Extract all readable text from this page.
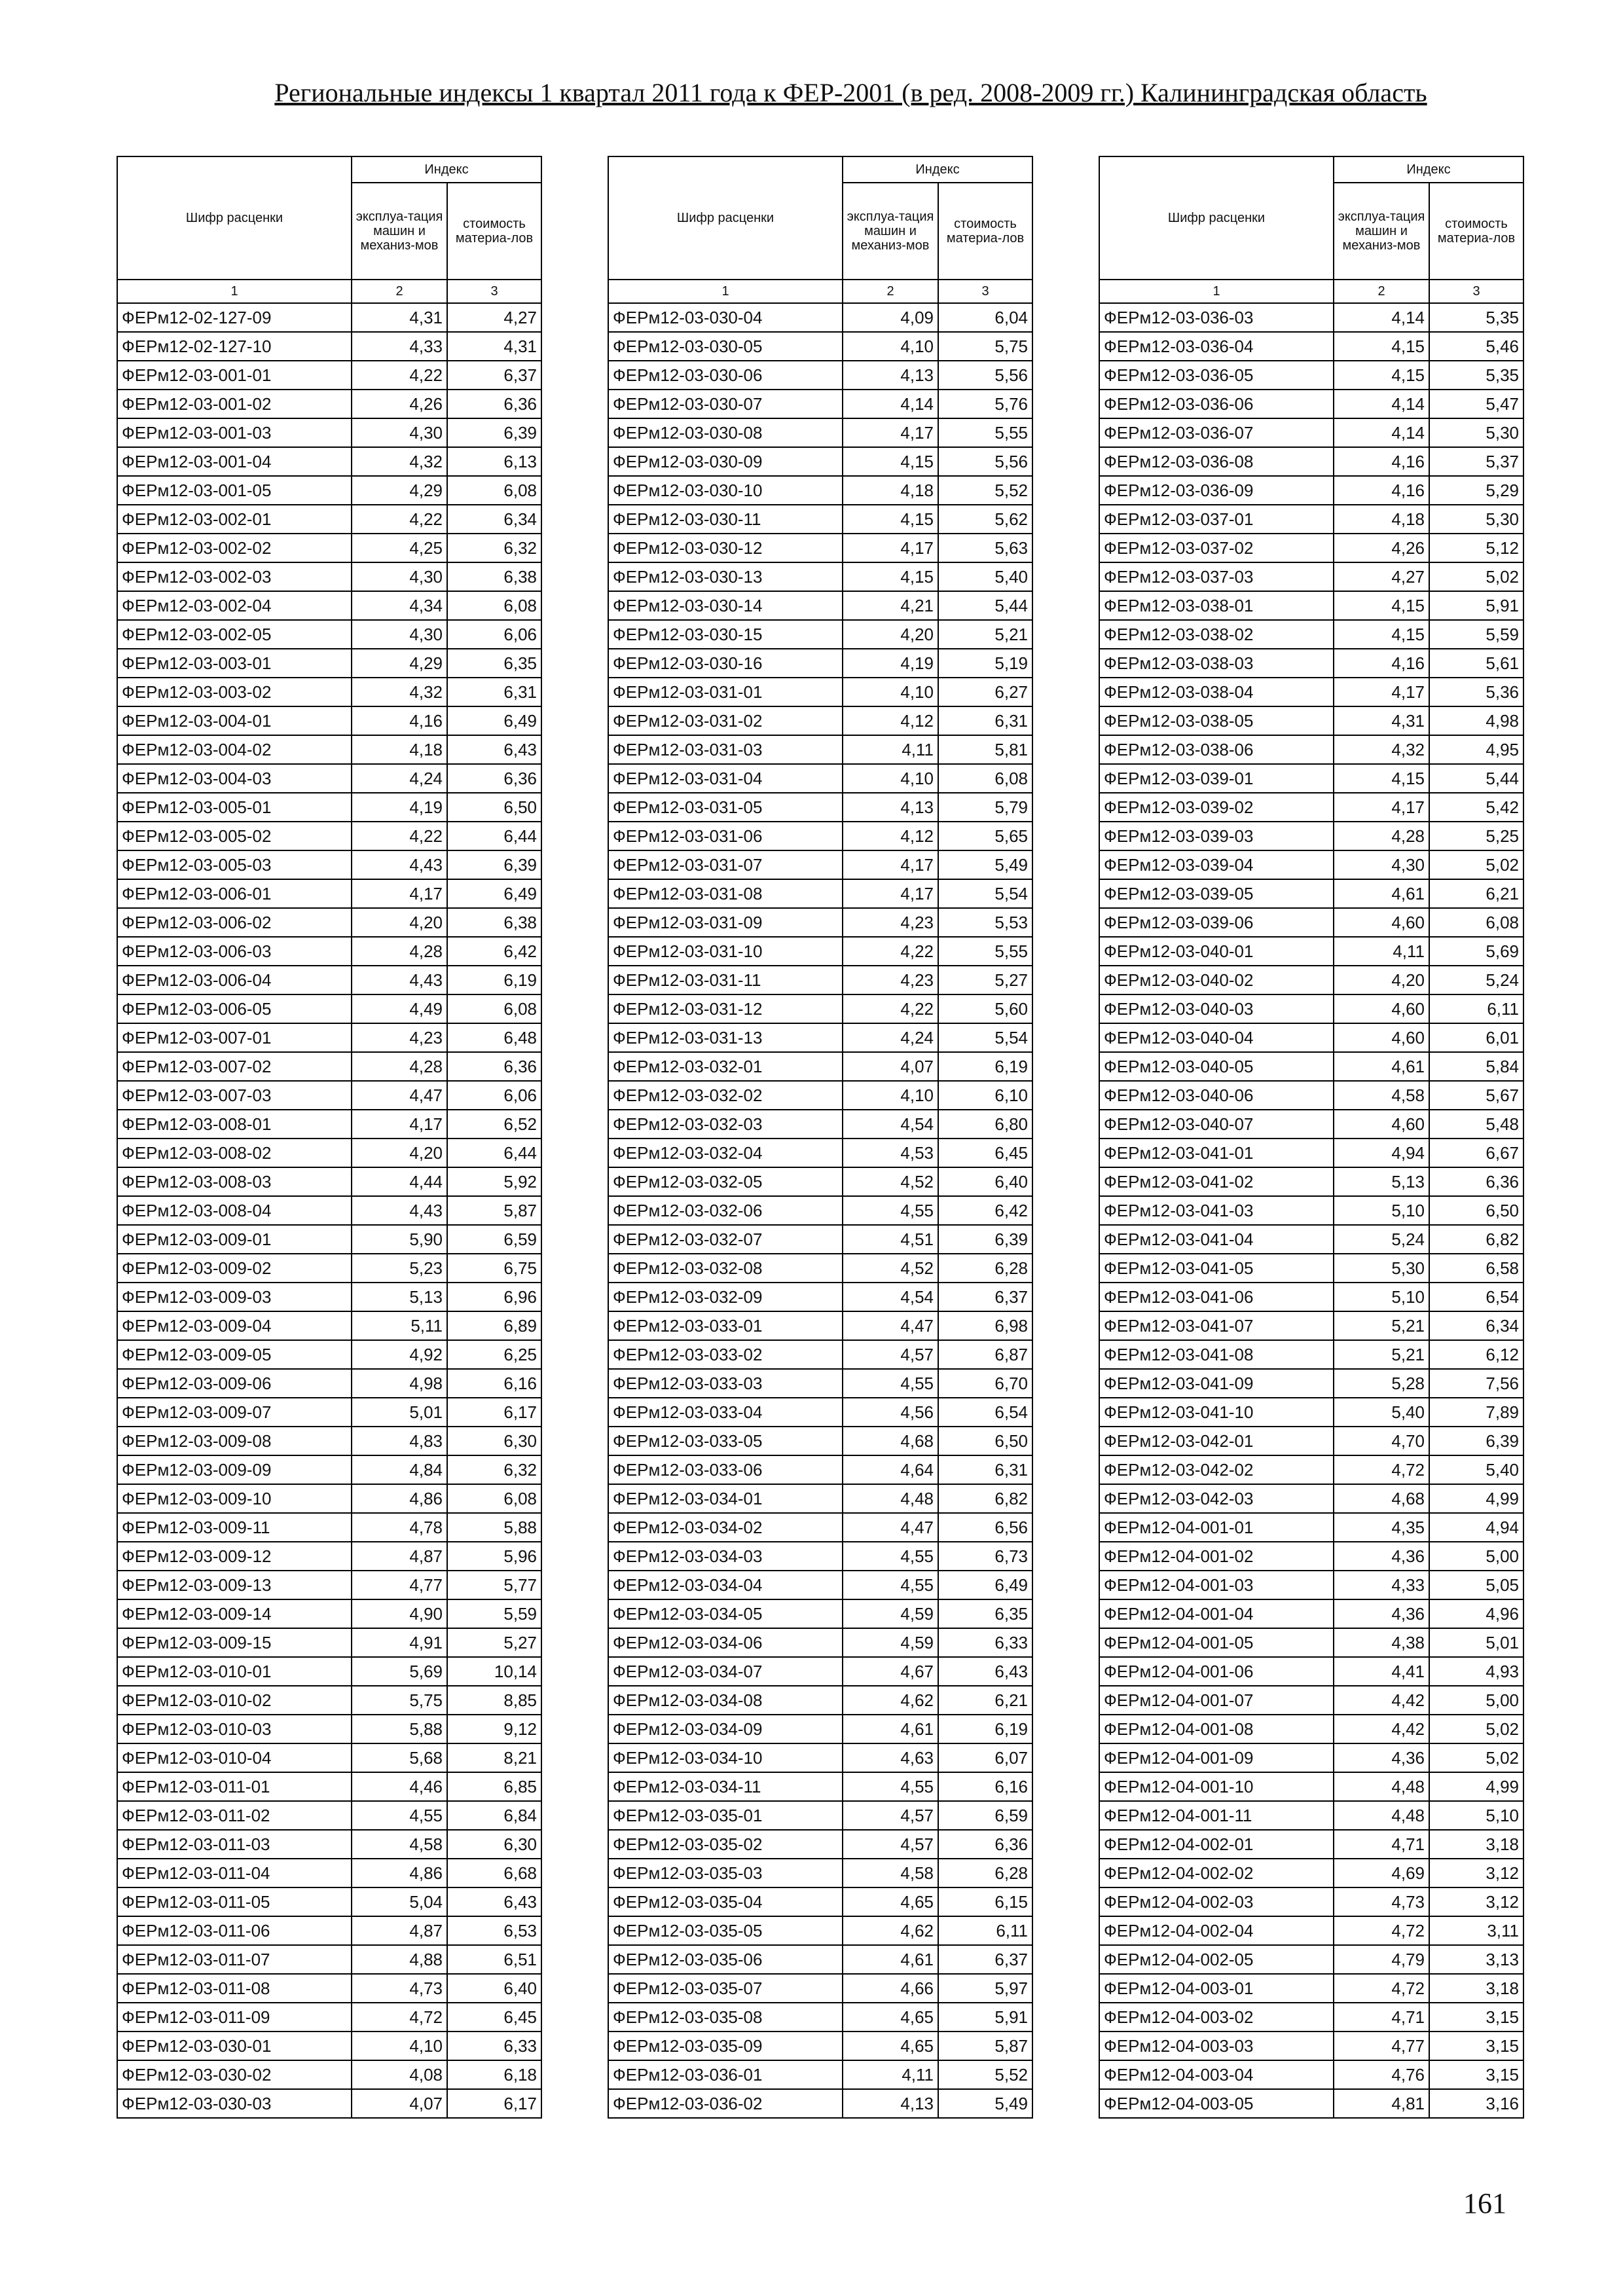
Региональные индексы 1 квартал 2011 года к ФЕР-2001 (в ред. 2008-2009 гг.) Калининградская область
Шифр расценки	Индекс	
	эксплуа-тация машин и механиз-мов	стоимость материа-лов
1	2	3
ФЕРм12-02-127-09	4,31	4,27
ФЕРм12-02-127-10	4,33	4,31
ФЕРм12-03-001-01	4,22	6,37
ФЕРм12-03-001-02	4,26	6,36
ФЕРм12-03-001-03	4,30	6,39
ФЕРм12-03-001-04	4,32	6,13
ФЕРм12-03-001-05	4,29	6,08
ФЕРм12-03-002-01	4,22	6,34
ФЕРм12-03-002-02	4,25	6,32
ФЕРм12-03-002-03	4,30	6,38
ФЕРм12-03-002-04	4,34	6,08
ФЕРм12-03-002-05	4,30	6,06
ФЕРм12-03-003-01	4,29	6,35
ФЕРм12-03-003-02	4,32	6,31
ФЕРм12-03-004-01	4,16	6,49
ФЕРм12-03-004-02	4,18	6,43
ФЕРм12-03-004-03	4,24	6,36
ФЕРм12-03-005-01	4,19	6,50
ФЕРм12-03-005-02	4,22	6,44
ФЕРм12-03-005-03	4,43	6,39
ФЕРм12-03-006-01	4,17	6,49
ФЕРм12-03-006-02	4,20	6,38
ФЕРм12-03-006-03	4,28	6,42
ФЕРм12-03-006-04	4,43	6,19
ФЕРм12-03-006-05	4,49	6,08
ФЕРм12-03-007-01	4,23	6,48
ФЕРм12-03-007-02	4,28	6,36
ФЕРм12-03-007-03	4,47	6,06
ФЕРм12-03-008-01	4,17	6,52
ФЕРм12-03-008-02	4,20	6,44
ФЕРм12-03-008-03	4,44	5,92
ФЕРм12-03-008-04	4,43	5,87
ФЕРм12-03-009-01	5,90	6,59
ФЕРм12-03-009-02	5,23	6,75
ФЕРм12-03-009-03	5,13	6,96
ФЕРм12-03-009-04	5,11	6,89
ФЕРм12-03-009-05	4,92	6,25
ФЕРм12-03-009-06	4,98	6,16
ФЕРм12-03-009-07	5,01	6,17
ФЕРм12-03-009-08	4,83	6,30
ФЕРм12-03-009-09	4,84	6,32
ФЕРм12-03-009-10	4,86	6,08
ФЕРм12-03-009-11	4,78	5,88
ФЕРм12-03-009-12	4,87	5,96
ФЕРм12-03-009-13	4,77	5,77
ФЕРм12-03-009-14	4,90	5,59
ФЕРм12-03-009-15	4,91	5,27
ФЕРм12-03-010-01	5,69	10,14
ФЕРм12-03-010-02	5,75	8,85
ФЕРм12-03-010-03	5,88	9,12
ФЕРм12-03-010-04	5,68	8,21
ФЕРм12-03-011-01	4,46	6,85
ФЕРм12-03-011-02	4,55	6,84
ФЕРм12-03-011-03	4,58	6,30
ФЕРм12-03-011-04	4,86	6,68
ФЕРм12-03-011-05	5,04	6,43
ФЕРм12-03-011-06	4,87	6,53
ФЕРм12-03-011-07	4,88	6,51
ФЕРм12-03-011-08	4,73	6,40
ФЕРм12-03-011-09	4,72	6,45
ФЕРм12-03-030-01	4,10	6,33
ФЕРм12-03-030-02	4,08	6,18
ФЕРм12-03-030-03	4,07	6,17
Шифр расценки	Индекс	
	эксплуа-тация машин и механиз-мов	стоимость материа-лов
1	2	3
ФЕРм12-03-030-04	4,09	6,04
ФЕРм12-03-030-05	4,10	5,75
ФЕРм12-03-030-06	4,13	5,56
ФЕРм12-03-030-07	4,14	5,76
ФЕРм12-03-030-08	4,17	5,55
ФЕРм12-03-030-09	4,15	5,56
ФЕРм12-03-030-10	4,18	5,52
ФЕРм12-03-030-11	4,15	5,62
ФЕРм12-03-030-12	4,17	5,63
ФЕРм12-03-030-13	4,15	5,40
ФЕРм12-03-030-14	4,21	5,44
ФЕРм12-03-030-15	4,20	5,21
ФЕРм12-03-030-16	4,19	5,19
ФЕРм12-03-031-01	4,10	6,27
ФЕРм12-03-031-02	4,12	6,31
ФЕРм12-03-031-03	4,11	5,81
ФЕРм12-03-031-04	4,10	6,08
ФЕРм12-03-031-05	4,13	5,79
ФЕРм12-03-031-06	4,12	5,65
ФЕРм12-03-031-07	4,17	5,49
ФЕРм12-03-031-08	4,17	5,54
ФЕРм12-03-031-09	4,23	5,53
ФЕРм12-03-031-10	4,22	5,55
ФЕРм12-03-031-11	4,23	5,27
ФЕРм12-03-031-12	4,22	5,60
ФЕРм12-03-031-13	4,24	5,54
ФЕРм12-03-032-01	4,07	6,19
ФЕРм12-03-032-02	4,10	6,10
ФЕРм12-03-032-03	4,54	6,80
ФЕРм12-03-032-04	4,53	6,45
ФЕРм12-03-032-05	4,52	6,40
ФЕРм12-03-032-06	4,55	6,42
ФЕРм12-03-032-07	4,51	6,39
ФЕРм12-03-032-08	4,52	6,28
ФЕРм12-03-032-09	4,54	6,37
ФЕРм12-03-033-01	4,47	6,98
ФЕРм12-03-033-02	4,57	6,87
ФЕРм12-03-033-03	4,55	6,70
ФЕРм12-03-033-04	4,56	6,54
ФЕРм12-03-033-05	4,68	6,50
ФЕРм12-03-033-06	4,64	6,31
ФЕРм12-03-034-01	4,48	6,82
ФЕРм12-03-034-02	4,47	6,56
ФЕРм12-03-034-03	4,55	6,73
ФЕРм12-03-034-04	4,55	6,49
ФЕРм12-03-034-05	4,59	6,35
ФЕРм12-03-034-06	4,59	6,33
ФЕРм12-03-034-07	4,67	6,43
ФЕРм12-03-034-08	4,62	6,21
ФЕРм12-03-034-09	4,61	6,19
ФЕРм12-03-034-10	4,63	6,07
ФЕРм12-03-034-11	4,55	6,16
ФЕРм12-03-035-01	4,57	6,59
ФЕРм12-03-035-02	4,57	6,36
ФЕРм12-03-035-03	4,58	6,28
ФЕРм12-03-035-04	4,65	6,15
ФЕРм12-03-035-05	4,62	6,11
ФЕРм12-03-035-06	4,61	6,37
ФЕРм12-03-035-07	4,66	5,97
ФЕРм12-03-035-08	4,65	5,91
ФЕРм12-03-035-09	4,65	5,87
ФЕРм12-03-036-01	4,11	5,52
ФЕРм12-03-036-02	4,13	5,49
Шифр расценки	Индекс	
	эксплуа-тация машин и механиз-мов	стоимость материа-лов
1	2	3
ФЕРм12-03-036-03	4,14	5,35
ФЕРм12-03-036-04	4,15	5,46
ФЕРм12-03-036-05	4,15	5,35
ФЕРм12-03-036-06	4,14	5,47
ФЕРм12-03-036-07	4,14	5,30
ФЕРм12-03-036-08	4,16	5,37
ФЕРм12-03-036-09	4,16	5,29
ФЕРм12-03-037-01	4,18	5,30
ФЕРм12-03-037-02	4,26	5,12
ФЕРм12-03-037-03	4,27	5,02
ФЕРм12-03-038-01	4,15	5,91
ФЕРм12-03-038-02	4,15	5,59
ФЕРм12-03-038-03	4,16	5,61
ФЕРм12-03-038-04	4,17	5,36
ФЕРм12-03-038-05	4,31	4,98
ФЕРм12-03-038-06	4,32	4,95
ФЕРм12-03-039-01	4,15	5,44
ФЕРм12-03-039-02	4,17	5,42
ФЕРм12-03-039-03	4,28	5,25
ФЕРм12-03-039-04	4,30	5,02
ФЕРм12-03-039-05	4,61	6,21
ФЕРм12-03-039-06	4,60	6,08
ФЕРм12-03-040-01	4,11	5,69
ФЕРм12-03-040-02	4,20	5,24
ФЕРм12-03-040-03	4,60	6,11
ФЕРм12-03-040-04	4,60	6,01
ФЕРм12-03-040-05	4,61	5,84
ФЕРм12-03-040-06	4,58	5,67
ФЕРм12-03-040-07	4,60	5,48
ФЕРм12-03-041-01	4,94	6,67
ФЕРм12-03-041-02	5,13	6,36
ФЕРм12-03-041-03	5,10	6,50
ФЕРм12-03-041-04	5,24	6,82
ФЕРм12-03-041-05	5,30	6,58
ФЕРм12-03-041-06	5,10	6,54
ФЕРм12-03-041-07	5,21	6,34
ФЕРм12-03-041-08	5,21	6,12
ФЕРм12-03-041-09	5,28	7,56
ФЕРм12-03-041-10	5,40	7,89
ФЕРм12-03-042-01	4,70	6,39
ФЕРм12-03-042-02	4,72	5,40
ФЕРм12-03-042-03	4,68	4,99
ФЕРм12-04-001-01	4,35	4,94
ФЕРм12-04-001-02	4,36	5,00
ФЕРм12-04-001-03	4,33	5,05
ФЕРм12-04-001-04	4,36	4,96
ФЕРм12-04-001-05	4,38	5,01
ФЕРм12-04-001-06	4,41	4,93
ФЕРм12-04-001-07	4,42	5,00
ФЕРм12-04-001-08	4,42	5,02
ФЕРм12-04-001-09	4,36	5,02
ФЕРм12-04-001-10	4,48	4,99
ФЕРм12-04-001-11	4,48	5,10
ФЕРм12-04-002-01	4,71	3,18
ФЕРм12-04-002-02	4,69	3,12
ФЕРм12-04-002-03	4,73	3,12
ФЕРм12-04-002-04	4,72	3,11
ФЕРм12-04-002-05	4,79	3,13
ФЕРм12-04-003-01	4,72	3,18
ФЕРм12-04-003-02	4,71	3,15
ФЕРм12-04-003-03	4,77	3,15
ФЕРм12-04-003-04	4,76	3,15
ФЕРм12-04-003-05	4,81	3,16
161
